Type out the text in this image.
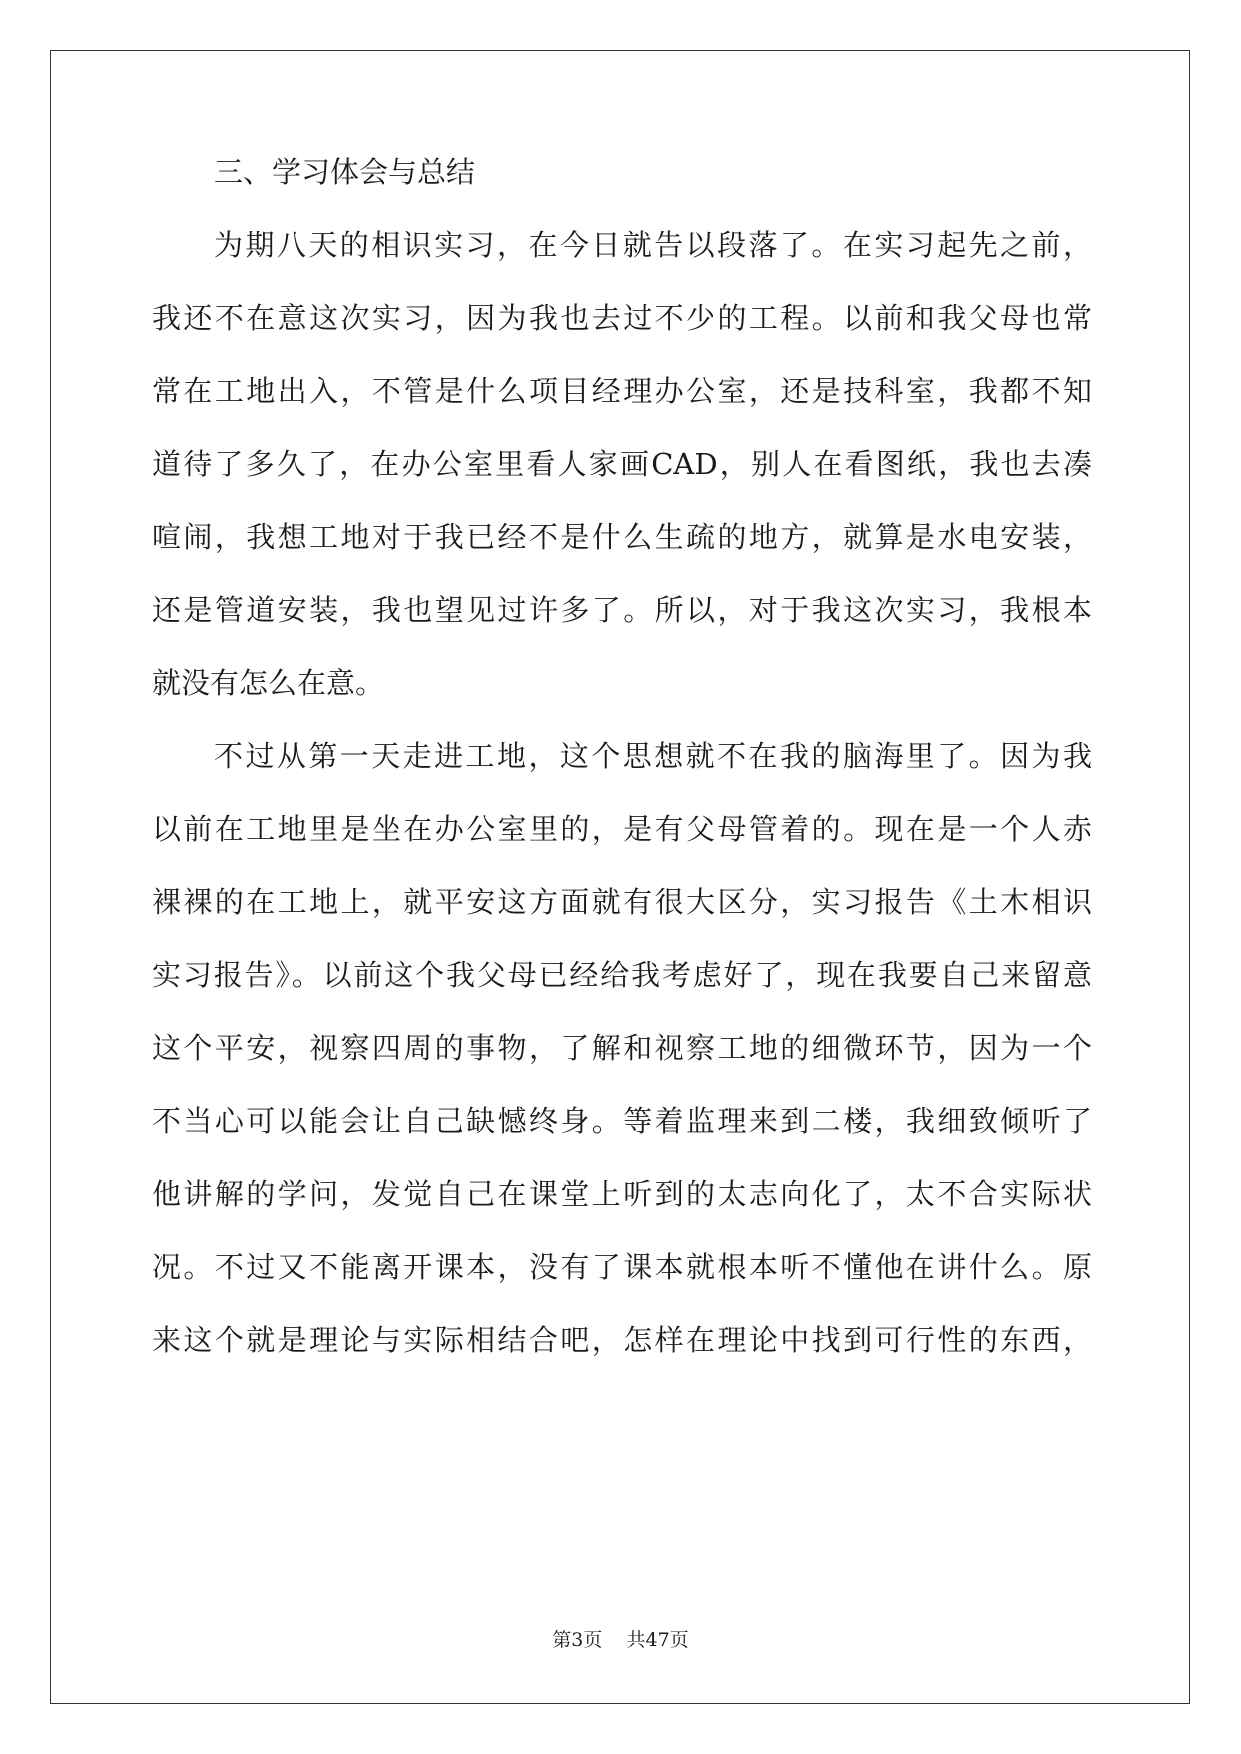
三、学习体会与总结
为期八天的相识实习，在今日就告以段落了。在实习起先之前，
我还不在意这次实习，因为我也去过不少的工程。以前和我父母也常
常在工地出入，不管是什么项目经理办公室，还是技科室，我都不知
道待了多久了，在办公室里看人家画CAD，别人在看图纸，我也去凑
喧闹，我想工地对于我已经不是什么生疏的地方，就算是水电安装，
还是管道安装，我也望见过许多了。所以，对于我这次实习，我根本
就没有怎么在意。
不过从第一天走进工地，这个思想就不在我的脑海里了。因为我
以前在工地里是坐在办公室里的，是有父母管着的。现在是一个人赤
裸裸的在工地上，就平安这方面就有很大区分，实习报告《土木相识
实习报告》。以前这个我父母已经给我考虑好了，现在我要自己来留意
这个平安，视察四周的事物，了解和视察工地的细微环节，因为一个
不当心可以能会让自己缺憾终身。等着监理来到二楼，我细致倾听了
他讲解的学问，发觉自己在课堂上听到的太志向化了，太不合实际状
况。不过又不能离开课本，没有了课本就根本听不懂他在讲什么。原
来这个就是理论与实际相结合吧，怎样在理论中找到可行性的东西，
第3页 共47页
